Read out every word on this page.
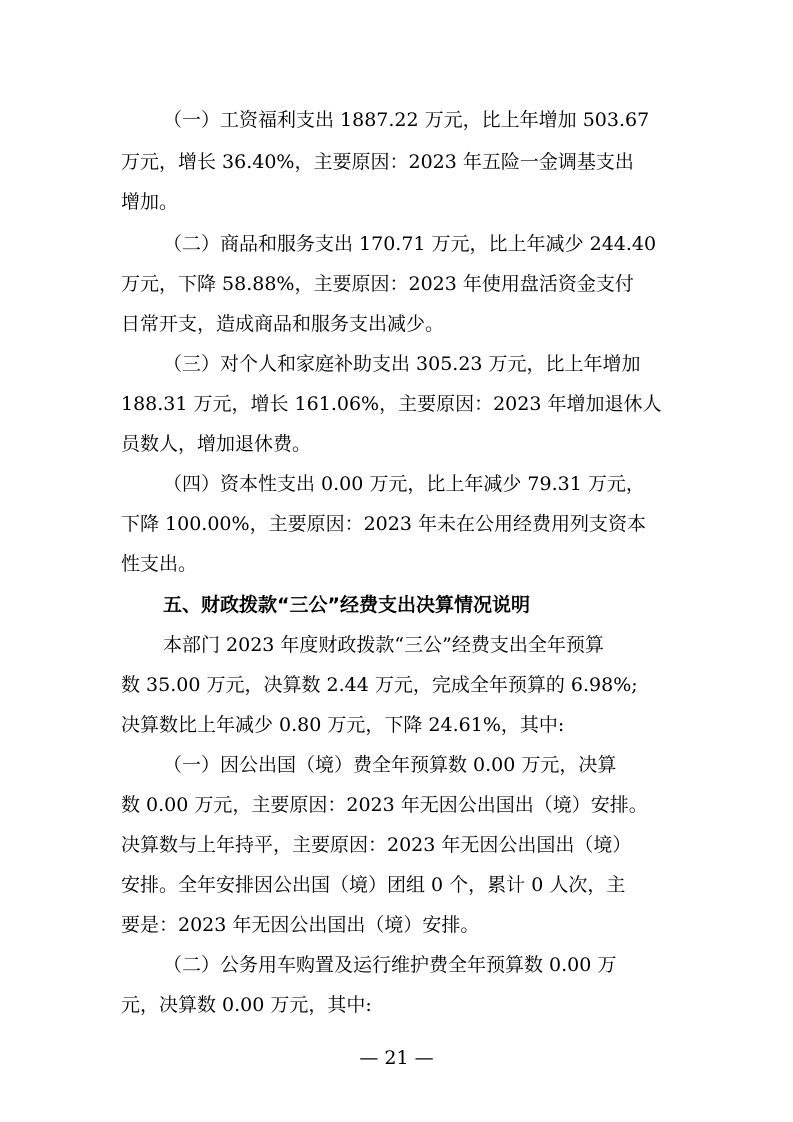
（一）工资福利支出 1887.22 万元，比上年增加 503.67

万元，增长 36.40%，主要原因：2023 年五险一金调基支出

增加。

（二）商品和服务支出 170.71 万元，比上年减少 244.40

万元，下降 58.88%，主要原因：2023 年使用盘活资金支付

日常开支，造成商品和服务支出减少。

（三）对个人和家庭补助支出 305.23 万元，比上年增加

188.31 万元，增长 161.06%，主要原因：2023 年增加退休人

员数人，增加退休费。

（四）资本性支出 0.00 万元，比上年减少 79.31 万元，

下降 100.00%，主要原因：2023 年未在公用经费用列支资本

性支出。

五、财政拨款“三公”经费支出决算情况说明

本部门 2023 年度财政拨款“三公”经费支出全年预算

数 35.00 万元，决算数 2.44 万元，完成全年预算的 6.98%;

决算数比上年减少 0.80 万元，下降 24.61%，其中:

（一）因公出国（境）费全年预算数 0.00 万元，决算

数 0.00 万元，主要原因：2023 年无因公出国出（境）安排。

决算数与上年持平，主要原因：2023 年无因公出国出（境）

安排。全年安排因公出国（境）团组 0 个，累计 0 人次，主

要是：2023 年无因公出国出（境）安排。

（二）公务用车购置及运行维护费全年预算数 0.00 万

元，决算数 0.00 万元，其中:

— 21 —
